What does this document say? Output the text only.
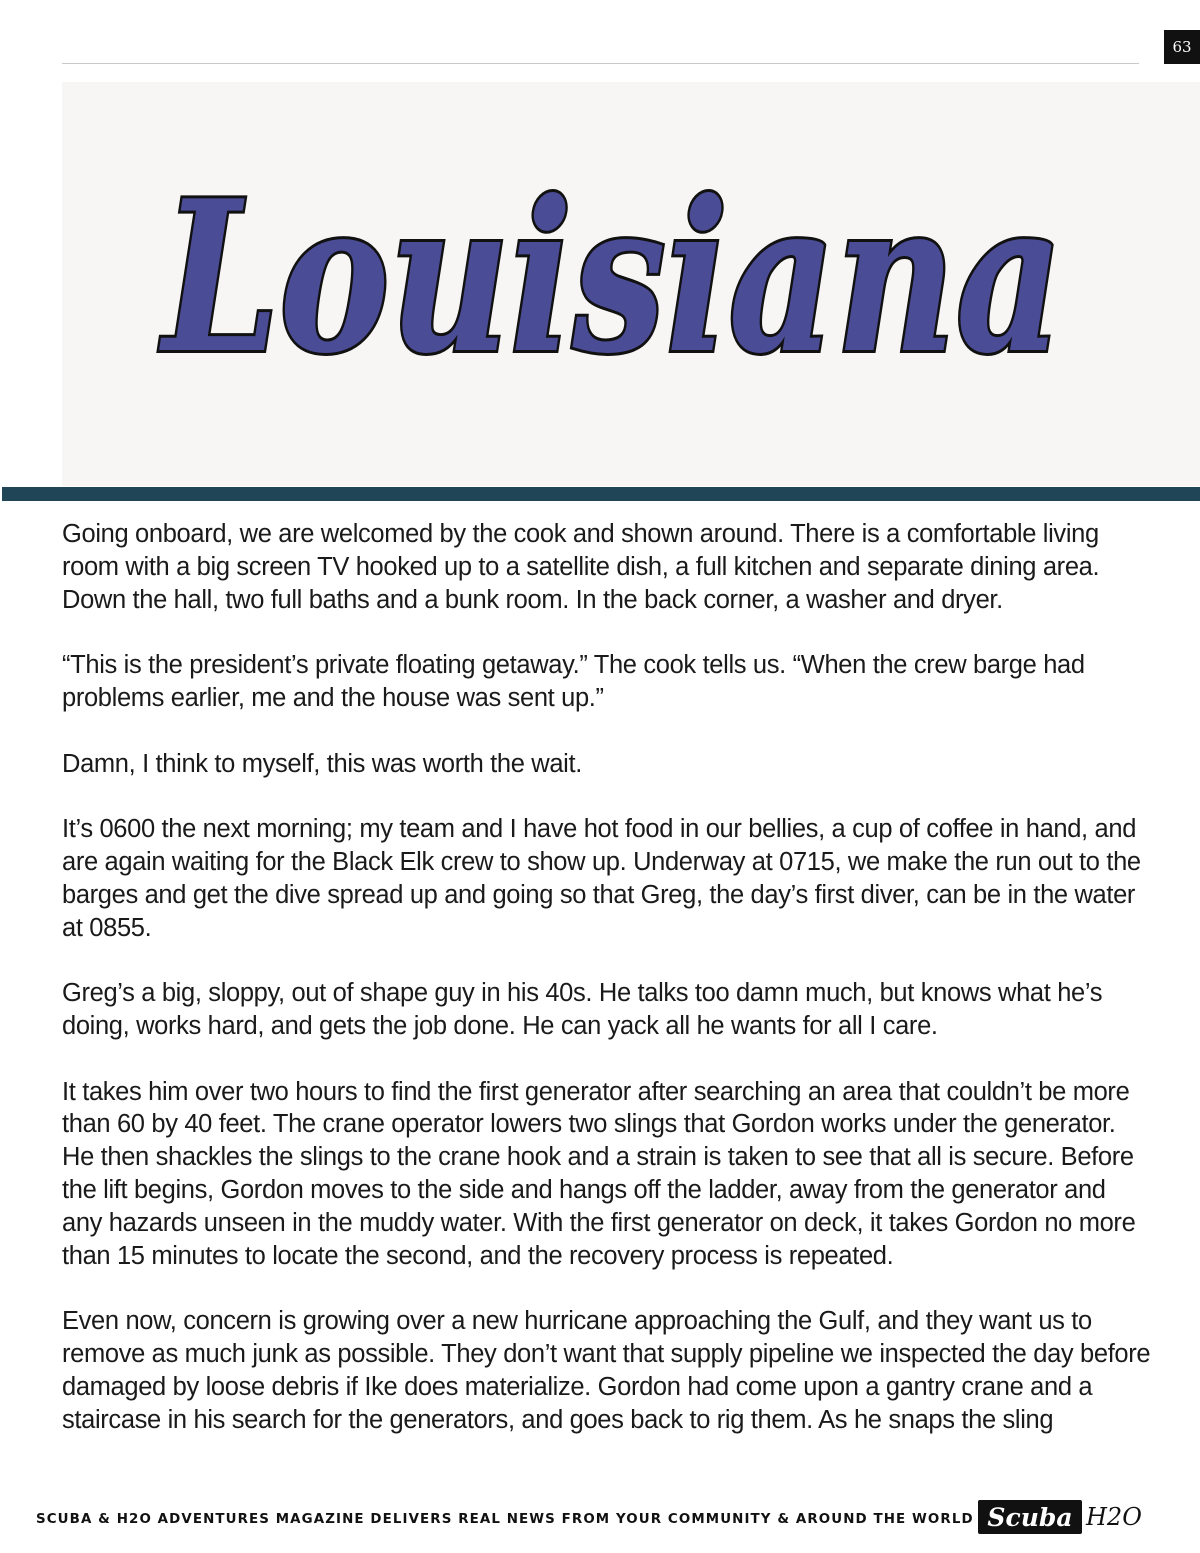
63
Louisiana

Going onboard, we are welcomed by the cook and shown around. There is a comfortable living room with a big screen TV hooked up to a satellite dish, a full kitchen and separate dining area. Down the hall, two full baths and a bunk room. In the back corner, a washer and dryer.

“This is the president’s private floating getaway.” The cook tells us. “When the crew barge had problems earlier, me and the house was sent up.”

Damn, I think to myself, this was worth the wait.

It’s 0600 the next morning; my team and I have hot food in our bellies, a cup of coffee in hand, and are again waiting for the Black Elk crew to show up. Underway at 0715, we make the run out to the barges and get the dive spread up and going so that Greg, the day’s first diver, can be in the water at 0855.

Greg’s a big, sloppy, out of shape guy in his 40s. He talks too damn much, but knows what he’s doing, works hard, and gets the job done. He can yack all he wants for all I care.

It takes him over two hours to find the first generator after searching an area that couldn’t be more than 60 by 40 feet. The crane operator lowers two slings that Gordon works under the generator. He then shackles the slings to the crane hook and a strain is taken to see that all is secure. Before the lift begins, Gordon moves to the side and hangs off the ladder, away from the generator and any hazards unseen in the muddy water. With the first generator on deck, it takes Gordon no more than 15 minutes to locate the second, and the recovery process is repeated.

Even now, concern is growing over a new hurricane approaching the Gulf, and they want us to remove as much junk as possible. They don’t want that supply pipeline we inspected the day before damaged by loose debris if Ike does materialize. Gordon had come upon a gantry crane and a staircase in his search for the generators, and goes back to rig them. As he snaps the sling

SCUBA & H2O ADVENTURES MAGAZINE DELIVERS REAL NEWS FROM YOUR COMMUNITY & AROUND THE WORLD Scuba H2O
